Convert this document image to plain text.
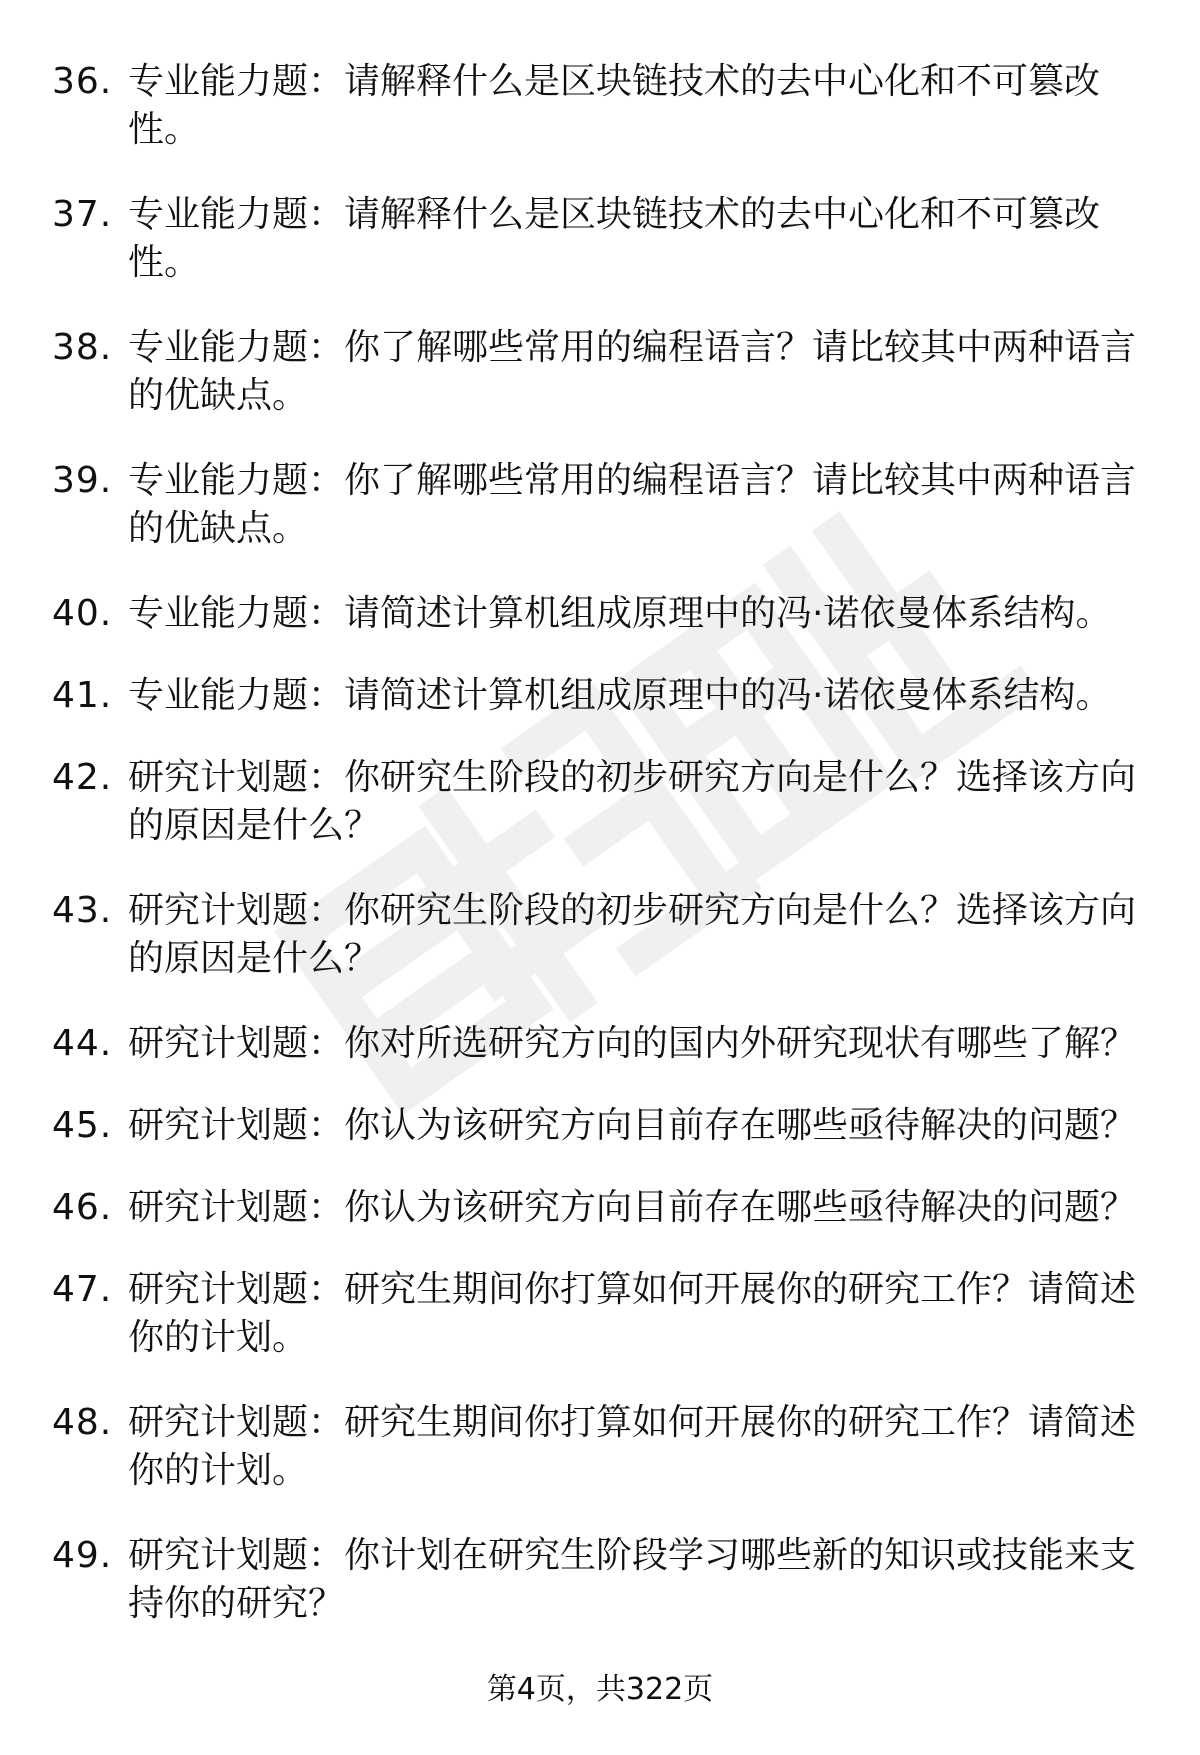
36. 专业能力题：请解释什么是区块链技术的去中心化和不可篡改性。
37. 专业能力题：请解释什么是区块链技术的去中心化和不可篡改性。
38. 专业能力题：你了解哪些常用的编程语言？请比较其中两种语言的优缺点。
39. 专业能力题：你了解哪些常用的编程语言？请比较其中两种语言的优缺点。
40. 专业能力题：请简述计算机组成原理中的冯·诺依曼体系结构。
41. 专业能力题：请简述计算机组成原理中的冯·诺依曼体系结构。
42. 研究计划题：你研究生阶段的初步研究方向是什么？选择该方向的原因是什么？
43. 研究计划题：你研究生阶段的初步研究方向是什么？选择该方向的原因是什么？
44. 研究计划题：你对所选研究方向的国内外研究现状有哪些了解？
45. 研究计划题：你认为该研究方向目前存在哪些亟待解决的问题？
46. 研究计划题：你认为该研究方向目前存在哪些亟待解决的问题？
47. 研究计划题：研究生期间你打算如何开展你的研究工作？请简述你的计划。
48. 研究计划题：研究生期间你打算如何开展你的研究工作？请简述你的计划。
49. 研究计划题：你计划在研究生阶段学习哪些新的知识或技能来支持你的研究？
第4页，共322页
